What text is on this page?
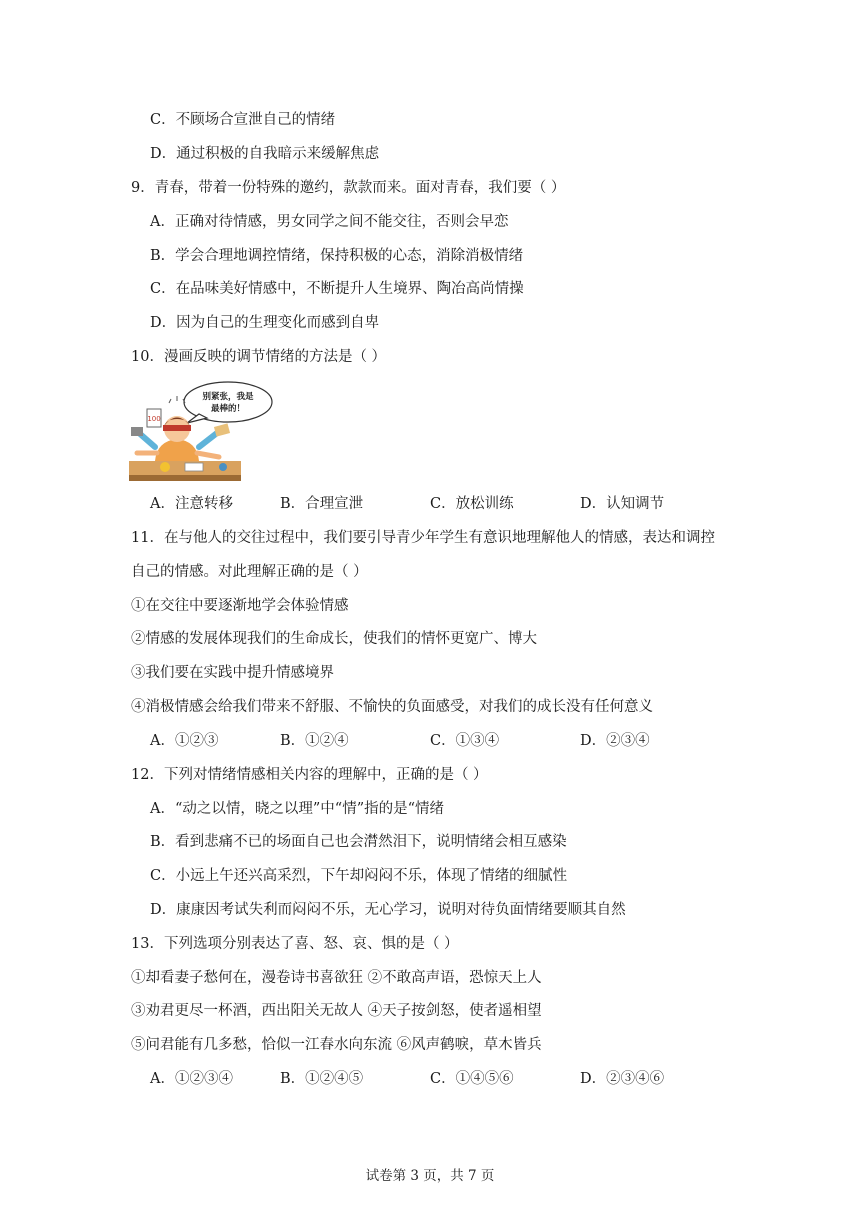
C．不顾场合宣泄自己的情绪
D．通过积极的自我暗示来缓解焦虑
9．青春，带着一份特殊的邀约，款款而来。面对青春，我们要（ ）
A．正确对待情感，男女同学之间不能交往，否则会早恋
B．学会合理地调控情绪，保持积极的心态，消除消极情绪
C．在品味美好情感中，不断提升人生境界、陶冶高尚情操
D．因为自己的生理变化而感到自卑
10．漫画反映的调节情绪的方法是（ ）
别紧张，我是
最棒的！
100
A．注意转移	B．合理宣泄	C．放松训练	D．认知调节
11．在与他人的交往过程中，我们要引导青少年学生有意识地理解他人的情感，表达和调控
自己的情感。对此理解正确的是（ ）
①在交往中要逐渐地学会体验情感
②情感的发展体现我们的生命成长，使我们的情怀更宽广、博大
③我们要在实践中提升情感境界
④消极情感会给我们带来不舒服、不愉快的负面感受，对我们的成长没有任何意义
A．①②③	B．①②④	C．①③④	D．②③④
12．下列对情绪情感相关内容的理解中，正确的是（ ）
A．“动之以情，晓之以理”中“情”指的是“情绪
B．看到悲痛不已的场面自己也会潸然泪下，说明情绪会相互感染
C．小远上午还兴高采烈，下午却闷闷不乐，体现了情绪的细腻性
D．康康因考试失利而闷闷不乐，无心学习，说明对待负面情绪要顺其自然
13．下列选项分别表达了喜、怒、哀、惧的是（ ）
①却看妻子愁何在，漫卷诗书喜欲狂 ②不敢高声语，恐惊天上人
③劝君更尽一杯酒，西出阳关无故人 ④天子按剑怒，使者遥相望
⑤问君能有几多愁，恰似一江春水向东流 ⑥风声鹤唳，草木皆兵
A．①②③④	B．①②④⑤	C．①④⑤⑥	D．②③④⑥
试卷第 3 页，共 7 页
